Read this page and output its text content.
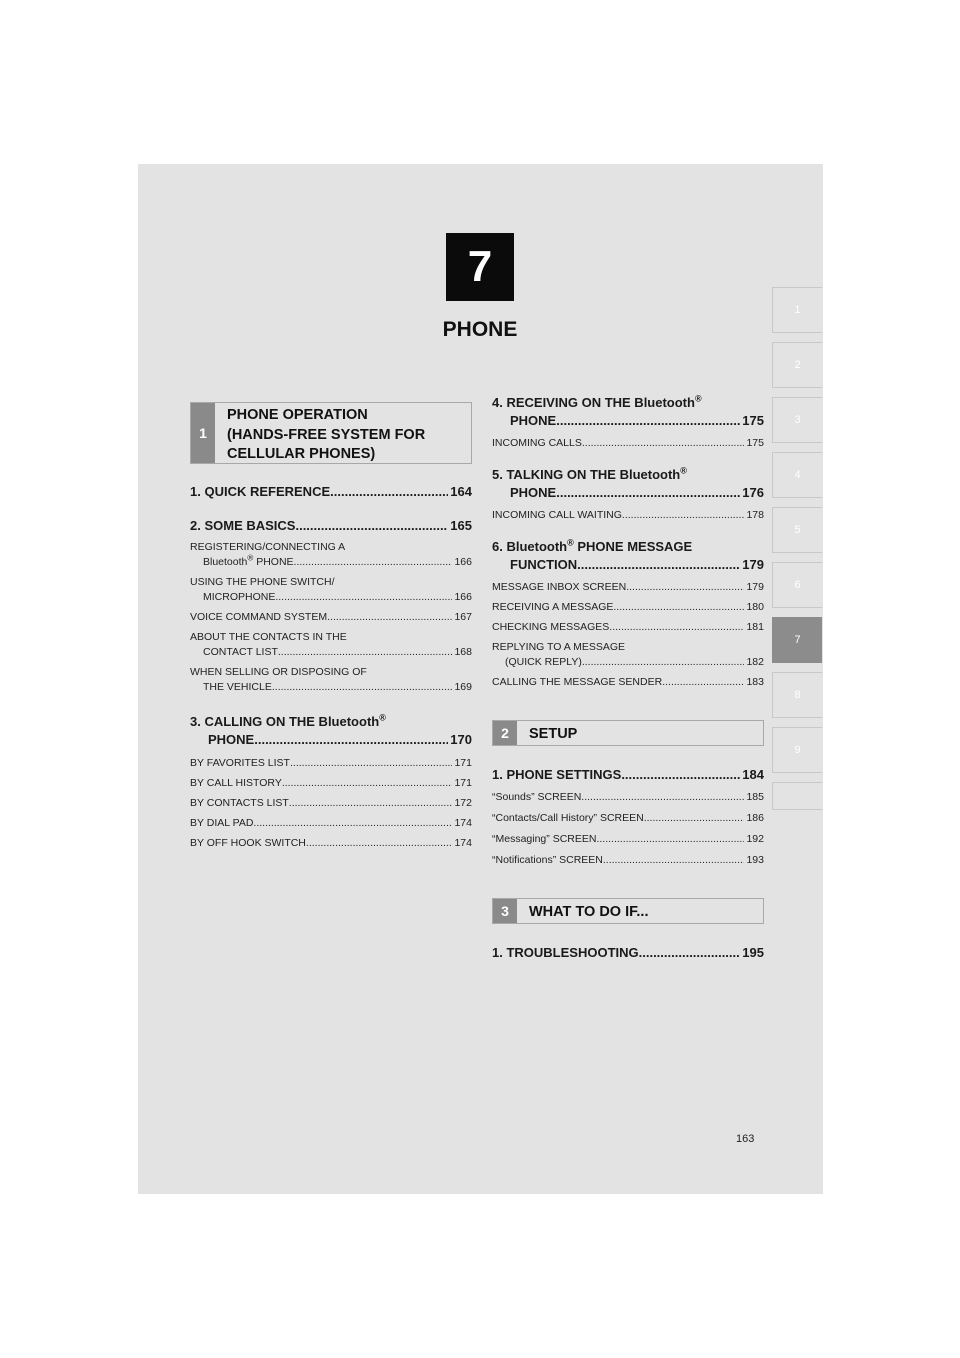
7
PHONE
1
2
3
4
5
6
7
8
9
1
PHONE OPERATION
(HANDS-FREE SYSTEM FOR
CELLULAR PHONES)
1. QUICK REFERENCE .....	164
2. SOME BASICS .....	165
REGISTERING/CONNECTING A
Bluetooth® PHONE .....	166
USING THE PHONE SWITCH/
MICROPHONE .....	166
VOICE COMMAND SYSTEM .....	167
ABOUT THE CONTACTS IN THE
CONTACT LIST .....	168
WHEN SELLING OR DISPOSING OF
THE VEHICLE .....	169
3. CALLING ON THE Bluetooth®
PHONE .....	170
BY FAVORITES LIST .....	171
BY CALL HISTORY .....	171
BY CONTACTS LIST .....	172
BY DIAL PAD .....	174
BY OFF HOOK SWITCH .....	174
4. RECEIVING ON THE Bluetooth®
PHONE .....	175
INCOMING CALLS .....	175
5. TALKING ON THE Bluetooth®
PHONE .....	176
INCOMING CALL WAITING .....	178
6. Bluetooth® PHONE MESSAGE
FUNCTION .....	179
MESSAGE INBOX SCREEN .....	179
RECEIVING A MESSAGE .....	180
CHECKING MESSAGES .....	181
REPLYING TO A MESSAGE
(QUICK REPLY) .....	182
CALLING THE MESSAGE SENDER .....	183
2	SETUP
1. PHONE SETTINGS .....	184
“Sounds” SCREEN .....	185
“Contacts/Call History” SCREEN .....	186
“Messaging” SCREEN .....	192
“Notifications” SCREEN .....	193
3	WHAT TO DO IF...
1. TROUBLESHOOTING .....	195
163
